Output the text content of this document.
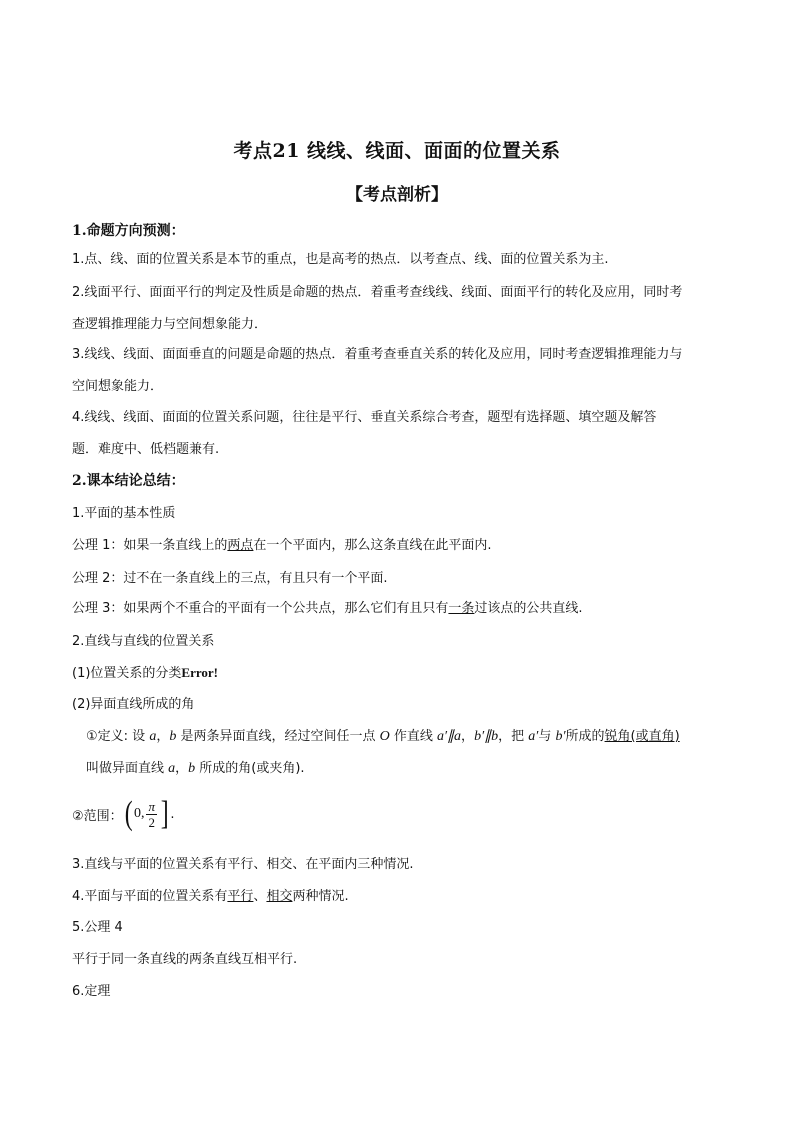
考点21 线线、线面、面面的位置关系
【考点剖析】
1.命题方向预测：
1.点、线、面的位置关系是本节的重点，也是高考的热点．以考查点、线、面的位置关系为主.
2.线面平行、面面平行的判定及性质是命题的热点．着重考查线线、线面、面面平行的转化及应用，同时考
查逻辑推理能力与空间想象能力．
3.线线、线面、面面垂直的问题是命题的热点．着重考查垂直关系的转化及应用，同时考查逻辑推理能力与
空间想象能力．
4.线线、线面、面面的位置关系问题，往往是平行、垂直关系综合考查，题型有选择题、填空题及解答
题．难度中、低档题兼有.
2.课本结论总结：
1.平面的基本性质
公理 1：如果一条直线上的两点在一个平面内，那么这条直线在此平面内.
公理 2：过不在一条直线上的三点，有且只有一个平面.
公理 3：如果两个不重合的平面有一个公共点，那么它们有且只有一条过该点的公共直线.
2.直线与直线的位置关系
(1)位置关系的分类Error!
(2)异面直线所成的角
①定义: 设 a，b 是两条异面直线，经过空间任一点 O 作直线 a′∥a，b′∥b，把 a′与 b′所成的锐角(或直角)
叫做异面直线 a，b 所成的角(或夹角).
②范围： ( 0, $\frac{\pi}{2}$ ] .
3.直线与平面的位置关系有平行、相交、在平面内三种情况.
4.平面与平面的位置关系有平行、相交两种情况.
5.公理 4
平行于同一条直线的两条直线互相平行.
6.定理
